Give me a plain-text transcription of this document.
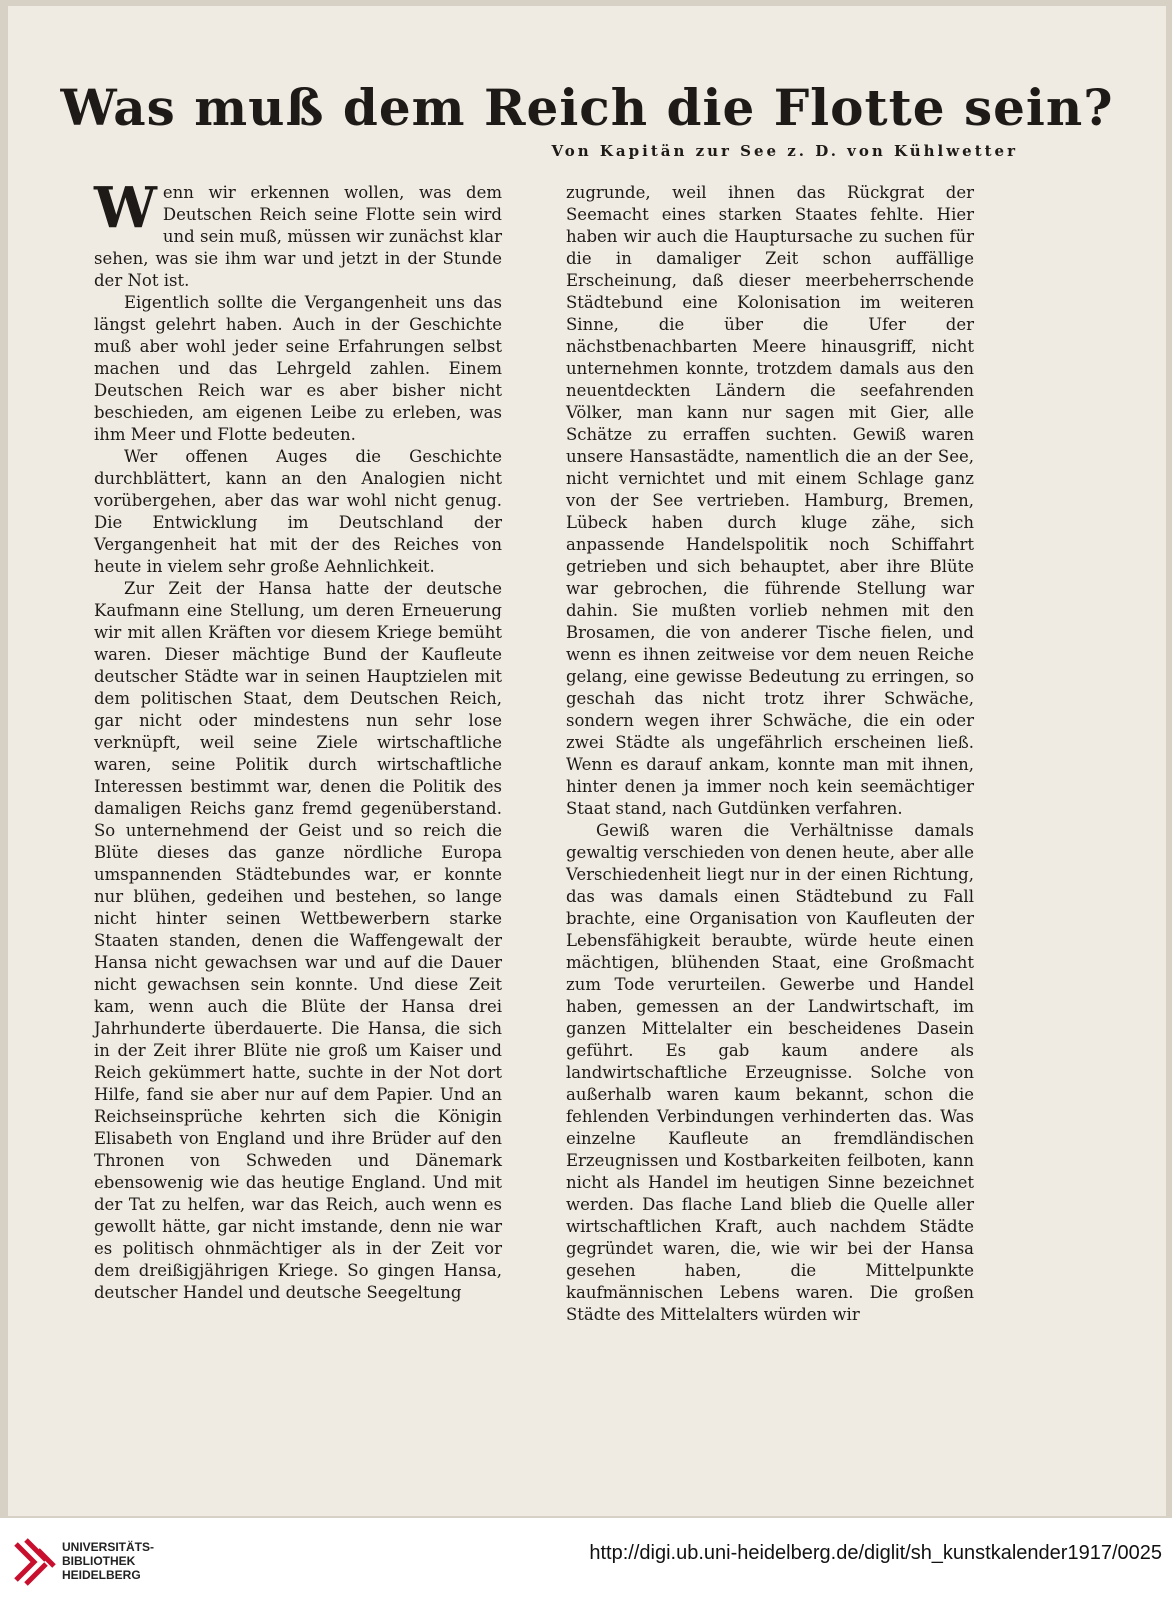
Was muß dem Reich die Flotte sein?
Von Kapitän zur See z. D. von Kühlwetter

Wenn wir erkennen wollen, was dem Deutschen Reich seine Flotte sein wird und sein muß, müssen wir zunächst klar sehen, was sie ihm war und jetzt in der Stunde der Not ist.

Eigentlich sollte die Vergangenheit uns das längst gelehrt haben. Auch in der Geschichte muß aber wohl jeder seine Erfahrungen selbst machen und das Lehrgeld zahlen. Einem Deutschen Reich war es aber bisher nicht beschieden, am eigenen Leibe zu erleben, was ihm Meer und Flotte bedeuten.

Wer offenen Auges die Geschichte durchblättert, kann an den Analogien nicht vorübergehen, aber das war wohl nicht genug. Die Entwicklung im Deutschland der Vergangenheit hat mit der des Reiches von heute in vielem sehr große Aehnlichkeit.

Zur Zeit der Hansa hatte der deutsche Kaufmann eine Stellung, um deren Erneuerung wir mit allen Kräften vor diesem Kriege bemüht waren. Dieser mächtige Bund der Kaufleute deutscher Städte war in seinen Hauptzielen mit dem politischen Staat, dem Deutschen Reich, gar nicht oder mindestens nun sehr lose verknüpft, weil seine Ziele wirtschaftliche waren, seine Politik durch wirtschaftliche Interessen bestimmt war, denen die Politik des damaligen Reichs ganz fremd gegenüberstand. So unternehmend der Geist und so reich die Blüte dieses das ganze nördliche Europa umspannenden Städtebundes war, er konnte nur blühen, gedeihen und bestehen, so lange nicht hinter seinen Wettbewerbern starke Staaten standen, denen die Waffengewalt der Hansa nicht gewachsen war und auf die Dauer nicht gewachsen sein konnte. Und diese Zeit kam, wenn auch die Blüte der Hansa drei Jahrhunderte überdauerte. Die Hansa, die sich in der Zeit ihrer Blüte nie groß um Kaiser und Reich gekümmert hatte, suchte in der Not dort Hilfe, fand sie aber nur auf dem Papier. Und an Reichseinsprüche kehrten sich die Königin Elisabeth von England und ihre Brüder auf den Thronen von Schweden und Dänemark ebensowenig wie das heutige England. Und mit der Tat zu helfen, war das Reich, auch wenn es gewollt hätte, gar nicht imstande, denn nie war es politisch ohnmächtiger als in der Zeit vor dem dreißigjährigen Kriege. So gingen Hansa, deutscher Handel und deutsche Seegeltung

zugrunde, weil ihnen das Rückgrat der Seemacht eines starken Staates fehlte. Hier haben wir auch die Hauptursache zu suchen für die in damaliger Zeit schon auffällige Erscheinung, daß dieser meerbeherrschende Städtebund eine Kolonisation im weiteren Sinne, die über die Ufer der nächstbenachbarten Meere hinausgriff, nicht unternehmen konnte, trotzdem damals aus den neuentdeckten Ländern die seefahrenden Völker, man kann nur sagen mit Gier, alle Schätze zu erraffen suchten. Gewiß waren unsere Hansastädte, namentlich die an der See, nicht vernichtet und mit einem Schlage ganz von der See vertrieben. Hamburg, Bremen, Lübeck haben durch kluge zähe, sich anpassende Handelspolitik noch Schiffahrt getrieben und sich behauptet, aber ihre Blüte war gebrochen, die führende Stellung war dahin. Sie mußten vorlieb nehmen mit den Brosamen, die von anderer Tische fielen, und wenn es ihnen zeitweise vor dem neuen Reiche gelang, eine gewisse Bedeutung zu erringen, so geschah das nicht trotz ihrer Schwäche, sondern wegen ihrer Schwäche, die ein oder zwei Städte als ungefährlich erscheinen ließ. Wenn es darauf ankam, konnte man mit ihnen, hinter denen ja immer noch kein seemächtiger Staat stand, nach Gutdünken verfahren.

Gewiß waren die Verhältnisse damals gewaltig verschieden von denen heute, aber alle Verschiedenheit liegt nur in der einen Richtung, das was damals einen Städtebund zu Fall brachte, eine Organisation von Kaufleuten der Lebensfähigkeit beraubte, würde heute einen mächtigen, blühenden Staat, eine Großmacht zum Tode verurteilen. Gewerbe und Handel haben, gemessen an der Landwirtschaft, im ganzen Mittelalter ein bescheidenes Dasein geführt. Es gab kaum andere als landwirtschaftliche Erzeugnisse. Solche von außerhalb waren kaum bekannt, schon die fehlenden Verbindungen verhinderten das. Was einzelne Kaufleute an fremdländischen Erzeugnissen und Kostbarkeiten feilboten, kann nicht als Handel im heutigen Sinne bezeichnet werden. Das flache Land blieb die Quelle aller wirtschaftlichen Kraft, auch nachdem Städte gegründet waren, die, wie wir bei der Hansa gesehen haben, die Mittelpunkte kaufmännischen Lebens waren. Die großen Städte des Mittelalters würden wir

UNIVERSITÄTS-
BIBLIOTHEK
HEIDELBERG
http://digi.ub.uni-heidelberg.de/diglit/sh_kunstkalender1917/0025
